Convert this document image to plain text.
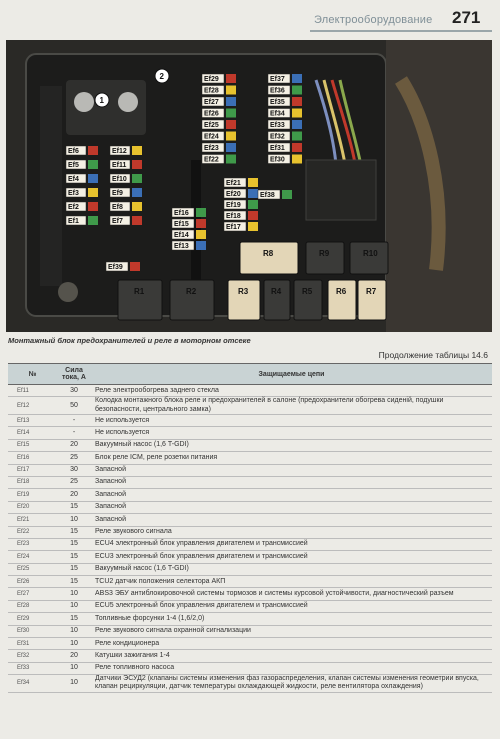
Электрооборудование 271
1
2
Ef6	Ef12
Ef5	Ef11
Ef4	Ef10
Ef3	Ef9
Ef2	Ef8
Ef1	Ef7
Ef29
Ef28
Ef27
Ef26
Ef25
Ef24
Ef23
Ef22
Ef37
Ef36
Ef35
Ef34
Ef33
Ef32
Ef31
Ef30
Ef21
Ef20
Ef19
Ef18
Ef17
Ef16
Ef15
Ef14
Ef13
Ef38
Ef39
R8	R9	R10
R1	R2	R3	R4	R5	R6 R7
Монтажный блок предохранителей и реле в моторном отсеке
Продолжение таблицы 14.6
№	Сила тока, А	Защищаемые цепи
Ef11	30	Реле электрообогрева заднего стекла
Ef12	50	Колодка монтажного блока реле и предохранителей в салоне (предохранители обогрева сиденій, подушки безопасности, центрального замка)
Ef13	-	Не используется
Ef14	-	Не используется
Ef15	20	Вакуумный насос (1,6 T-GDI)
Ef16	25	Блок реле ICM, реле розетки питания
Ef17	30	Запасной
Ef18	25	Запасной
Ef19	20	Запасной
Ef20	15	Запасной
Ef21	10	Запасной
Ef22	15	Реле звукового сигнала
Ef23	15	ECU4 электронный блок управления двигателем и трансмиссией
Ef24	15	ECU3 электронный блок управления двигателем и трансмиссией
Ef25	15	Вакуумный насос (1,6 T-GDI)
Ef26	15	TCU2 датчик положения селектора АКП
Ef27	10	ABS3 ЭБУ антиблокировочной системы тормозов и системы курсовой устойчивости, диагностический разъем
Ef28	10	ECU5 электронный блок управления двигателем и трансмиссией
Ef29	15	Топливные форсунки 1-4 (1,6/2,0)
Ef30	10	Реле звукового сигнала охранной сигнализации
Ef31	10	Реле кондиционера
Ef32	20	Катушки зажигания 1-4
Ef33	10	Реле топливного насоса
Ef34	10	Датчики ЭСУД2 (клапаны системы изменения фаз газораспределения, клапан системы изменения геометрии впуска, клапан рециркуляции, датчик температуры охлаждающей жидкости, реле вентилятора охлаждения)
